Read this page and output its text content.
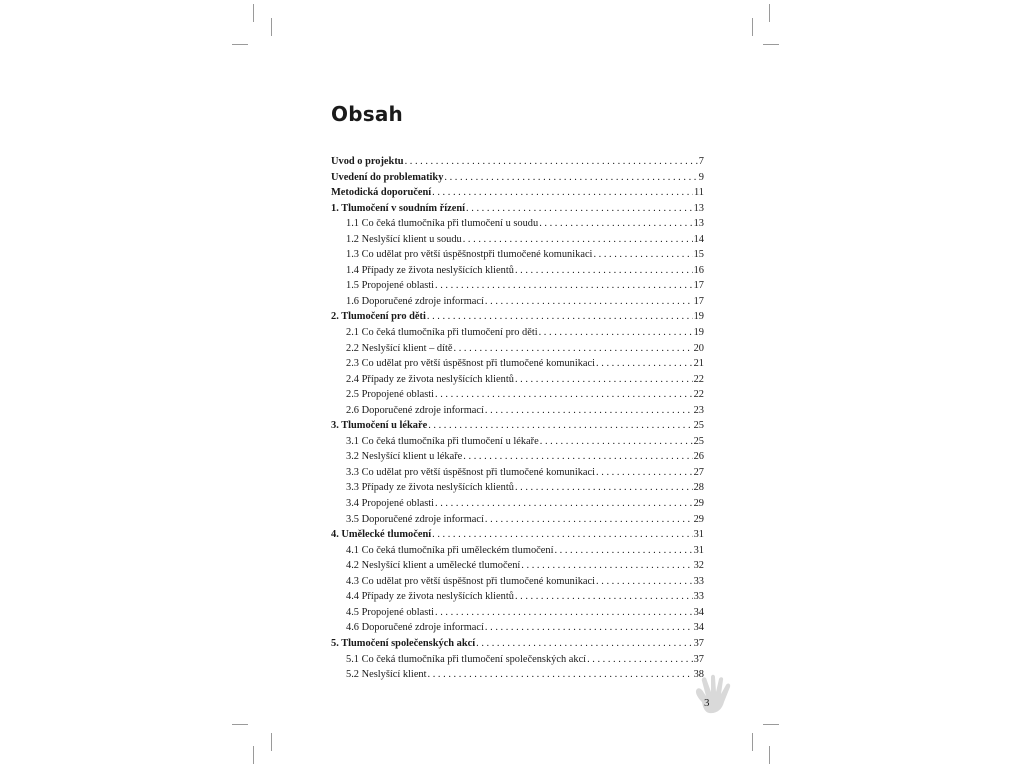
Obsah
Úvod o projektu . . .	7
Uvedení do problematiky . . .	9
Metodická doporučení . . .	11
1. Tlumočení v soudním řízení . . .	13
1.1 Co čeká tlumočníka při tlumočení u soudu . . .	13
1.2 Neslyšící klient u soudu . . .	14
1.3 Co udělat pro větší úspěšnostpři tlumočené komunikaci . . .	15
1.4 Případy ze života neslyšících klientů . . .	16
1.5 Propojené oblasti . . .	17
1.6 Doporučené zdroje informací . . .	17
2. Tlumočení pro děti . . .	19
2.1 Co čeká tlumočníka při tlumočení pro děti . . .	19
2.2 Neslyšící klient – dítě . . .	20
2.3 Co udělat pro větší úspěšnost při tlumočené komunikaci . . .	21
2.4 Případy ze života neslyšících klientů . . .	22
2.5 Propojené oblasti . . .	22
2.6 Doporučené zdroje informací . . .	23
3. Tlumočení u lékaře . . .	25
3.1 Co čeká tlumočníka při tlumočení u lékaře . . .	25
3.2 Neslyšící klient u lékaře . . .	26
3.3 Co udělat pro větší úspěšnost při tlumočené komunikaci . . .	27
3.3 Případy ze života neslyšících klientů . . .	28
3.4 Propojené oblasti . . .	29
3.5 Doporučené zdroje informací . . .	29
4. Umělecké tlumočení . . .	31
4.1 Co čeká tlumočníka při uměleckém tlumočení . . .	31
4.2 Neslyšící klient a umělecké tlumočení . . .	32
4.3 Co udělat pro větší úspěšnost při tlumočené komunikaci . . .	33
4.4 Případy ze života neslyšících klientů . . .	33
4.5 Propojené oblasti . . .	34
4.6 Doporučené zdroje informací . . .	34
5. Tlumočení společenských akcí . . .	37
5.1 Co čeká tlumočníka při tlumočení společenských akcí . . .	37
5.2 Neslyšící klient . . .	38
3
